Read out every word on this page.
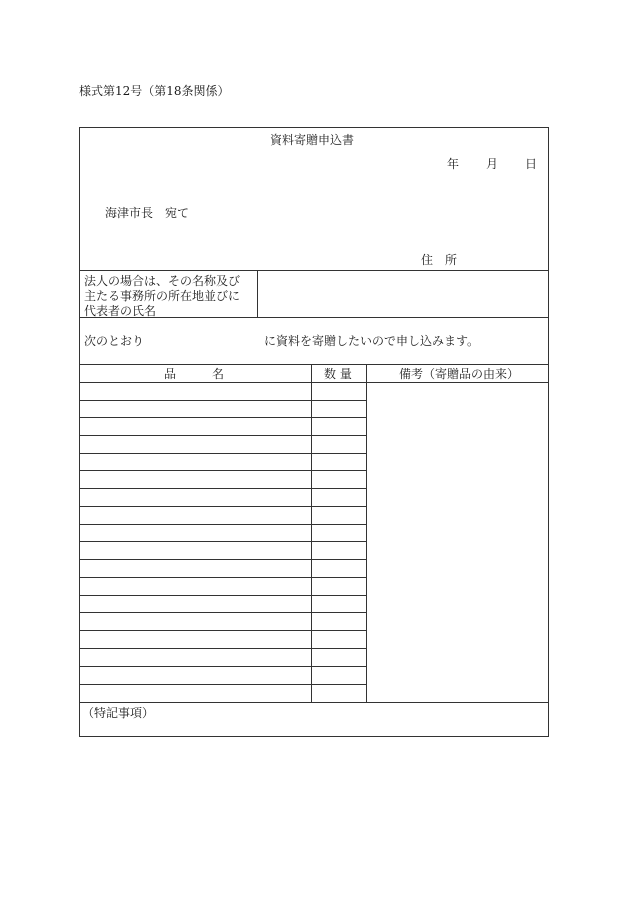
様式第12号（第18条関係）
資料寄贈申込書
年 月 日
海津市長　宛て
住　所
法人の場合は、その名称及び
主たる事務所の所在地並びに
代表者の氏名
次のとおり	に資料を寄贈したいので申し込みます。
品　　　名	数 量	備考（寄贈品の由来）
（特記事項）
